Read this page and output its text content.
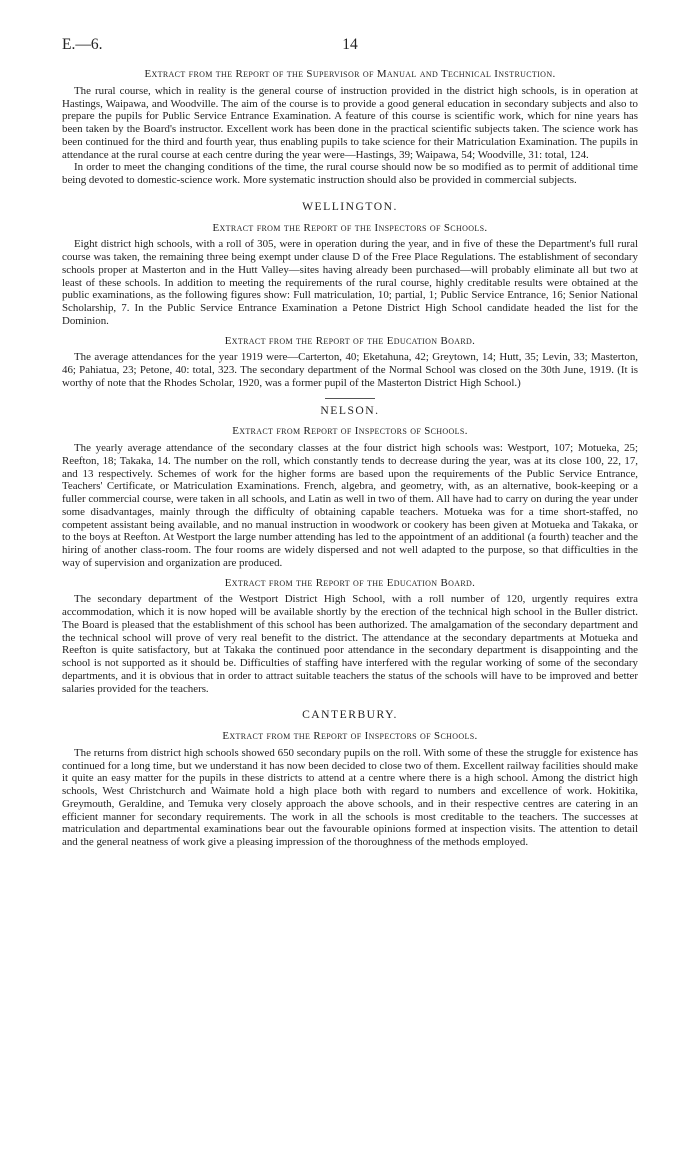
E.—6.	14
Extract from the Report of the Supervisor of Manual and Technical Instruction.

The rural course, which in reality is the general course of instruction provided in the district high schools, is in operation at Hastings, Waipawa, and Woodville. The aim of the course is to provide a good general education in secondary subjects and also to prepare the pupils for Public Service Entrance Examination. A feature of this course is scientific work, which for nine years has been taken by the Board's instructor. Excellent work has been done in the practical scientific subjects taken. The science work has been continued for the third and fourth year, thus enabling pupils to take science for their Matriculation Examination. The pupils in attendance at the rural course at each centre during the year were—Hastings, 39; Waipawa, 54; Woodville, 31: total, 124.

In order to meet the changing conditions of the time, the rural course should now be so modified as to permit of additional time being devoted to domestic-science work. More systematic instruction should also be provided in commercial subjects.

WELLINGTON.
Extract from the Report of the Inspectors of Schools.

Eight district high schools, with a roll of 305, were in operation during the year, and in five of these the Department's full rural course was taken, the remaining three being exempt under clause D of the Free Place Regulations. The establishment of secondary schools proper at Masterton and in the Hutt Valley—sites having already been purchased—will probably eliminate all but two at least of these schools. In addition to meeting the requirements of the rural course, highly creditable results were obtained at the public examinations, as the following figures show: Full matriculation, 10; partial, 1; Public Service Entrance, 16; Senior National Scholarship, 7. In the Public Service Entrance Examination a Petone District High School candidate headed the list for the Dominion.

Extract from the Report of the Education Board.

The average attendances for the year 1919 were—Carterton, 40; Eketahuna, 42; Greytown, 14; Hutt, 35; Levin, 33; Masterton, 46; Pahiatua, 23; Petone, 40: total, 323. The secondary department of the Normal School was closed on the 30th June, 1919. (It is worthy of note that the Rhodes Scholar, 1920, was a former pupil of the Masterton District High School.)

NELSON.
Extract from Report of Inspectors of Schools.

The yearly average attendance of the secondary classes at the four district high schools was: Westport, 107; Motueka, 25; Reefton, 18; Takaka, 14. The number on the roll, which constantly tends to decrease during the year, was at its close 100, 22, 17, and 13 respectively. Schemes of work for the higher forms are based upon the requirements of the Public Service Entrance, Teachers' Certificate, or Matriculation Examinations. French, algebra, and geometry, with, as an alternative, book-keeping or a fuller commercial course, were taken in all schools, and Latin as well in two of them. All have had to carry on during the year under some disadvantages, mainly through the difficulty of obtaining capable teachers. Motueka was for a time short-staffed, no competent assistant being available, and no manual instruction in woodwork or cookery has been given at Motueka and Takaka, or to the boys at Reefton. At Westport the large number attending has led to the appointment of an additional (a fourth) teacher and the hiring of another class-room. The four rooms are widely dispersed and not well adapted to the purpose, so that difficulties in the way of supervision and organization are produced.

Extract from the Report of the Education Board.

The secondary department of the Westport District High School, with a roll number of 120, urgently requires extra accommodation, which it is now hoped will be available shortly by the erection of the technical high school in the Buller district. The Board is pleased that the establishment of this school has been authorized. The amalgamation of the secondary department and the technical school will prove of very real benefit to the district. The attendance at the secondary departments at Motueka and Reefton is quite satisfactory, but at Takaka the continued poor attendance in the secondary department is disappointing and the school is not supported as it should be. Difficulties of staffing have interfered with the regular working of some of the secondary departments, and it is obvious that in order to attract suitable teachers the status of the schools will have to be improved and better salaries provided for the teachers.

CANTERBURY.
Extract from the Report of Inspectors of Schools.

The returns from district high schools showed 650 secondary pupils on the roll. With some of these the struggle for existence has continued for a long time, but we understand it has now been decided to close two of them. Excellent railway facilities should make it quite an easy matter for the pupils in these districts to attend at a centre where there is a high school. Among the district high schools, West Christchurch and Waimate hold a high place both with regard to numbers and excellence of work. Hokitika, Greymouth, Geraldine, and Temuka very closely approach the above schools, and in their respective centres are catering in an efficient manner for secondary requirements. The work in all the schools is most creditable to the teachers. The successes at matriculation and departmental examinations bear out the favourable opinions formed at inspection visits. The attention to detail and the general neatness of work give a pleasing impression of the thoroughness of the methods employed.
